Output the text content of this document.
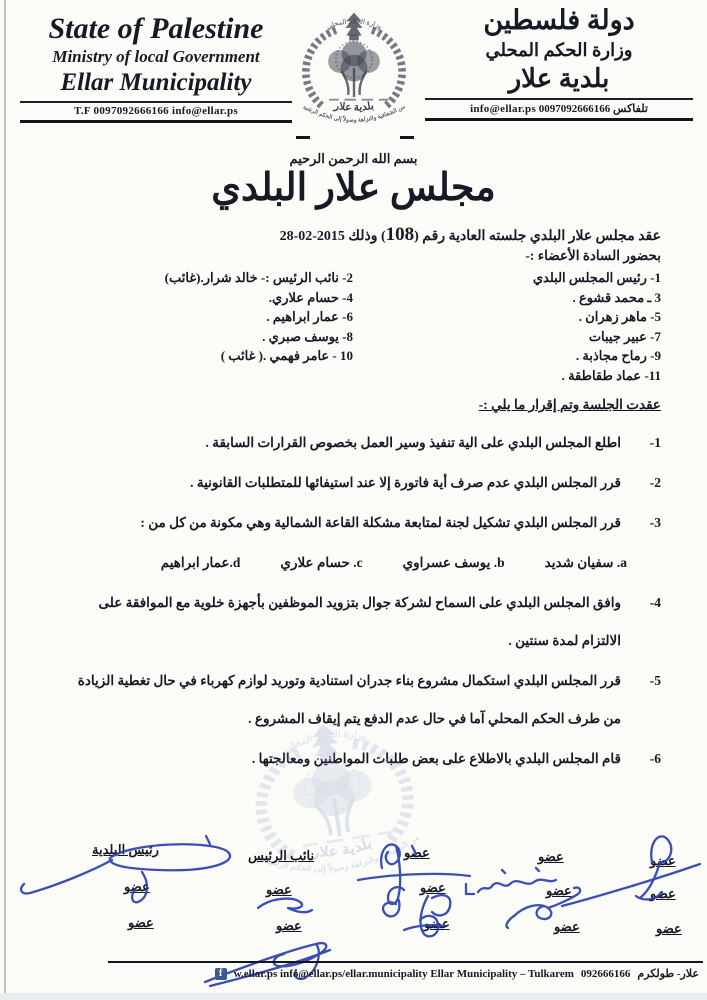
State of Palestine
Ministry of local Government
Ellar Municipality
T.F 0097092666166 info@ellar.ps
دولة فلسطين
وزارة الحكم المحلي
بلدية علار
تلفاكس 0097092666166 info@ellar.ps
بسم الله الرحمن الرحيم
مجلس علار البلدي
عقد مجلس علار البلدي جلسته العادية رقم (108) وذلك 2015-02-28
بحضور السادة الأعضاء :-
1- رئيس المجلس البلدي
2- نائب الرئيس :- خالد شرار.(غائب)
3 ـ محمد قشوع .
4- حسام علاري.
5- ماهر زهران .
6- عمار ابراهيم .
7- عبير جيبات
8- يوسف صبري .
9- رماح مجاذبة .
10 - عامر فهمي .( غائب )
11- عماد طقاطقة .
عقدت الجلسة وتم إقرار ما يلي :-
1-
اطلع المجلس البلدي على الية تنفيذ وسير العمل بخصوص القرارات السابقة .
2-
قرر المجلس البلدي عدم صرف أية فاتورة إلا عند استيفائها للمتطلبات القانونية .
3-
قرر المجلس البلدي تشكيل لجنة لمتابعة مشكلة القاعة الشمالية وهي مكونة من كل من :
a. سفيان شديد
b. يوسف عسراوي
c. حسام علاري
d.عمار ابراهيم
4-
وافق المجلس البلدي على السماح لشركة جوال بتزويد الموظفين بأجهزة خلوية مع الموافقة على الالتزام لمدة سنتين .
5-
قرر المجلس البلدي استكمال مشروع بناء جدران استنادية وتوريد لوازم كهرباء في حال تغطية الزيادة من طرف الحكم المحلي آما في حال عدم الدفع يتم إيقاف المشروع .
6-
قام المجلس البلدي بالاطلاع على بعض طلبات المواطنين ومعالجتها .
رئيس البلدية	نائب الرئيس	عضو	عضو	عضو
عضو	عضو	عضو	عضو	عضو
عضو	عضو	عضو	عضو	عضو
f	w.ellar.ps info@ellar.ps/ellar.municipality Ellar Municipality – Tulkarem 092666166 علار- طولكرم
